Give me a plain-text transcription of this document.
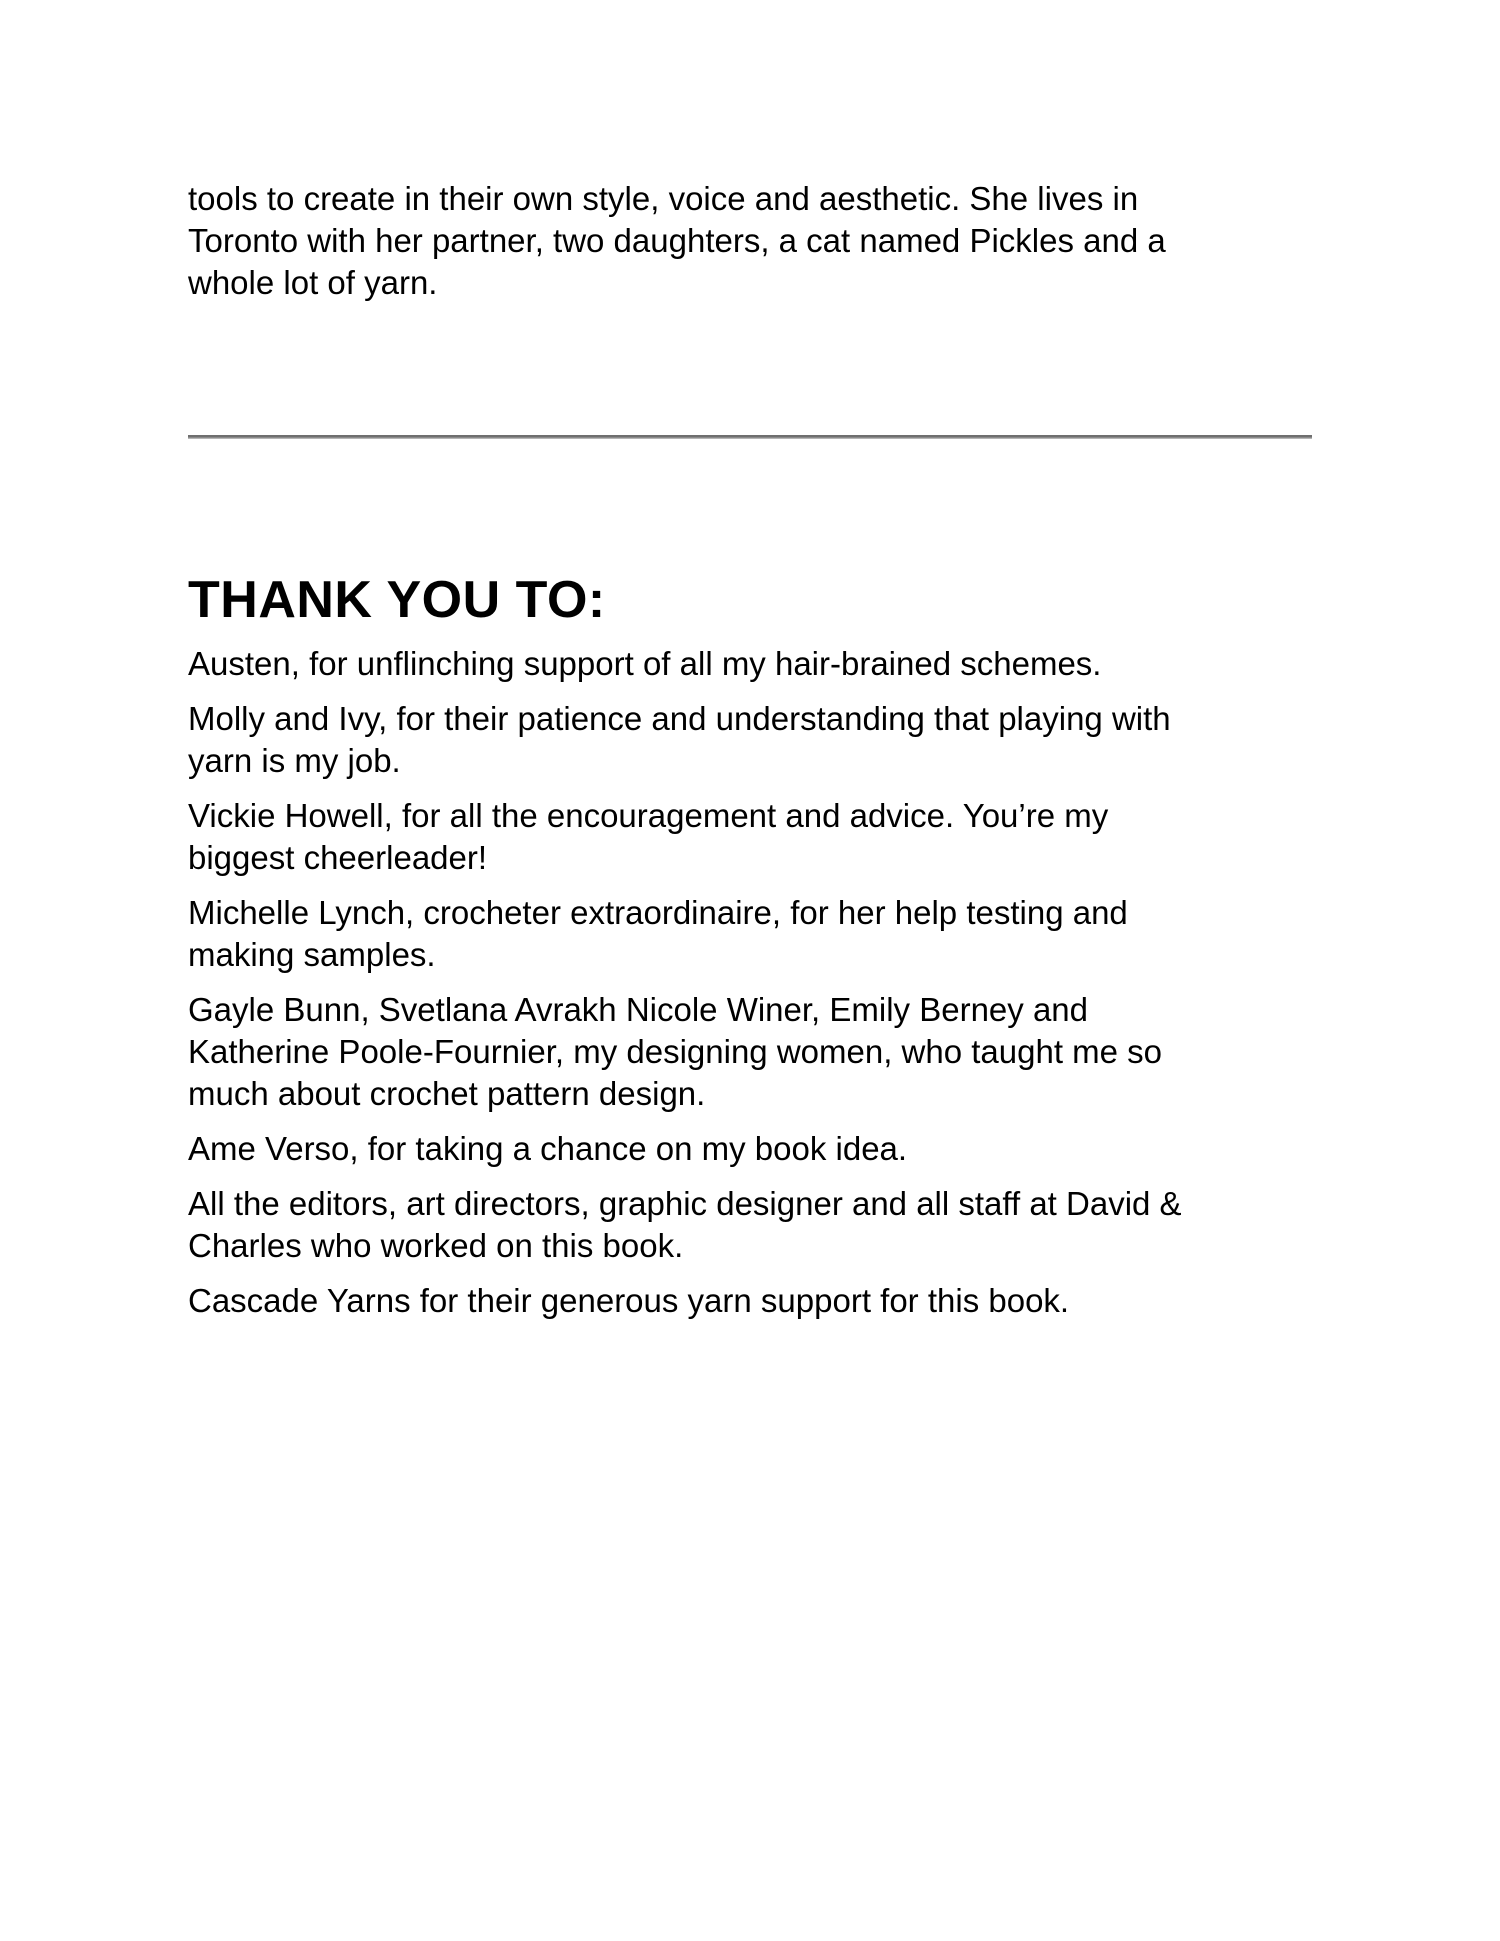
tools to create in their own style, voice and aesthetic. She lives in
Toronto with her partner, two daughters, a cat named Pickles and a
whole lot of yarn.
THANK YOU TO:
Austen, for unflinching support of all my hair-brained schemes.
Molly and Ivy, for their patience and understanding that playing with
yarn is my job.
Vickie Howell, for all the encouragement and advice. You’re my
biggest cheerleader!
Michelle Lynch, crocheter extraordinaire, for her help testing and
making samples.
Gayle Bunn, Svetlana Avrakh Nicole Winer, Emily Berney and
Katherine Poole-Fournier, my designing women, who taught me so
much about crochet pattern design.
Ame Verso, for taking a chance on my book idea.
All the editors, art directors, graphic designer and all staff at David &
Charles who worked on this book.
Cascade Yarns for their generous yarn support for this book.
